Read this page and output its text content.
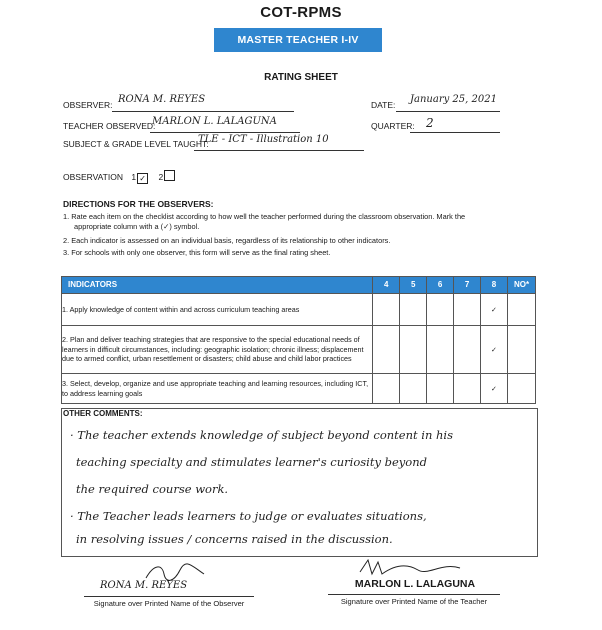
COT-RPMS
MASTER TEACHER I-IV
RATING SHEET
OBSERVER: RONA M. REYES	DATE: January 25, 2021
TEACHER OBSERVED:
MARLON L. LALAGUNA	QUARTER: 2
SUBJECT & GRADE LEVEL TAUGHT:
TLE - ICT - Illustration 10
OBSERVATION 1 ✓ 2
DIRECTIONS FOR THE OBSERVERS:
1. Rate each item on the checklist according to how well the teacher performed during the classroom observation. Mark the
appropriate column with a (✓) symbol.
2. Each indicator is assessed on an individual basis, regardless of its relationship to other indicators.
3. For schools with only one observer, this form will serve as the final rating sheet.
INDICATORS	4	5	6	7	8	NO*
1. Apply knowledge of content within and across curriculum teaching areas					✓	
2. Plan and deliver teaching strategies that are responsive to the special educational needs of learners in difficult circumstances, including: geographic isolation; chronic illness; displacement due to armed conflict, urban resettlement or disasters; child abuse and child labor practices					✓	
3. Select, develop, organize and use appropriate teaching and learning resources, including ICT, to address learning goals					✓	
OTHER COMMENTS:
· The teacher extends knowledge of subject beyond content in his
teaching specialty and stimulates learner's curiosity beyond
the required course work.
· The Teacher leads learners to judge or evaluates situations,
in resolving issues / concerns raised in the discussion.
RONA M. REYES
Signature over Printed Name of the Observer
MARLON L. LALAGUNA
Signature over Printed Name of the Teacher
